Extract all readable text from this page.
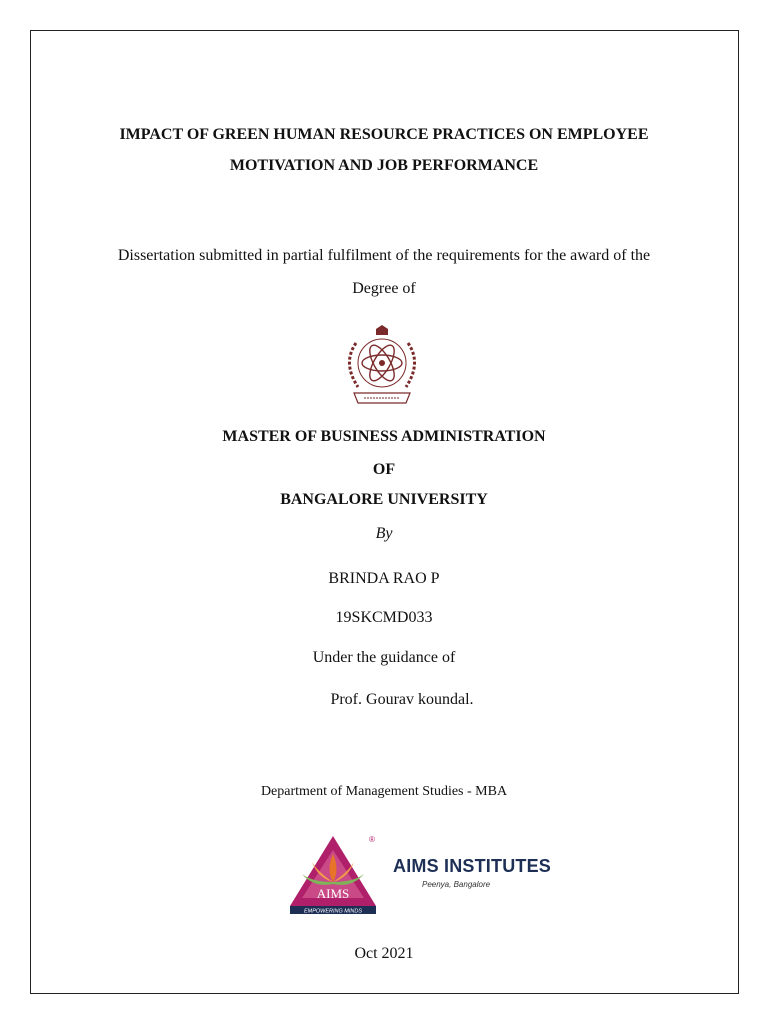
IMPACT OF GREEN HUMAN RESOURCE PRACTICES ON EMPLOYEE
MOTIVATION AND JOB PERFORMANCE
Dissertation submitted in partial fulfilment of the requirements for the award of the
Degree of
MASTER OF BUSINESS ADMINISTRATION
OF
BANGALORE UNIVERSITY
By
BRINDA RAO P
19SKCMD033
Under the guidance of
Prof. Gourav koundal.
Department of Management Studies - MBA
AIMS
EMPOWERING MINDS
®
AIMS INSTITUTES
Peenya, Bangalore
Oct 2021
